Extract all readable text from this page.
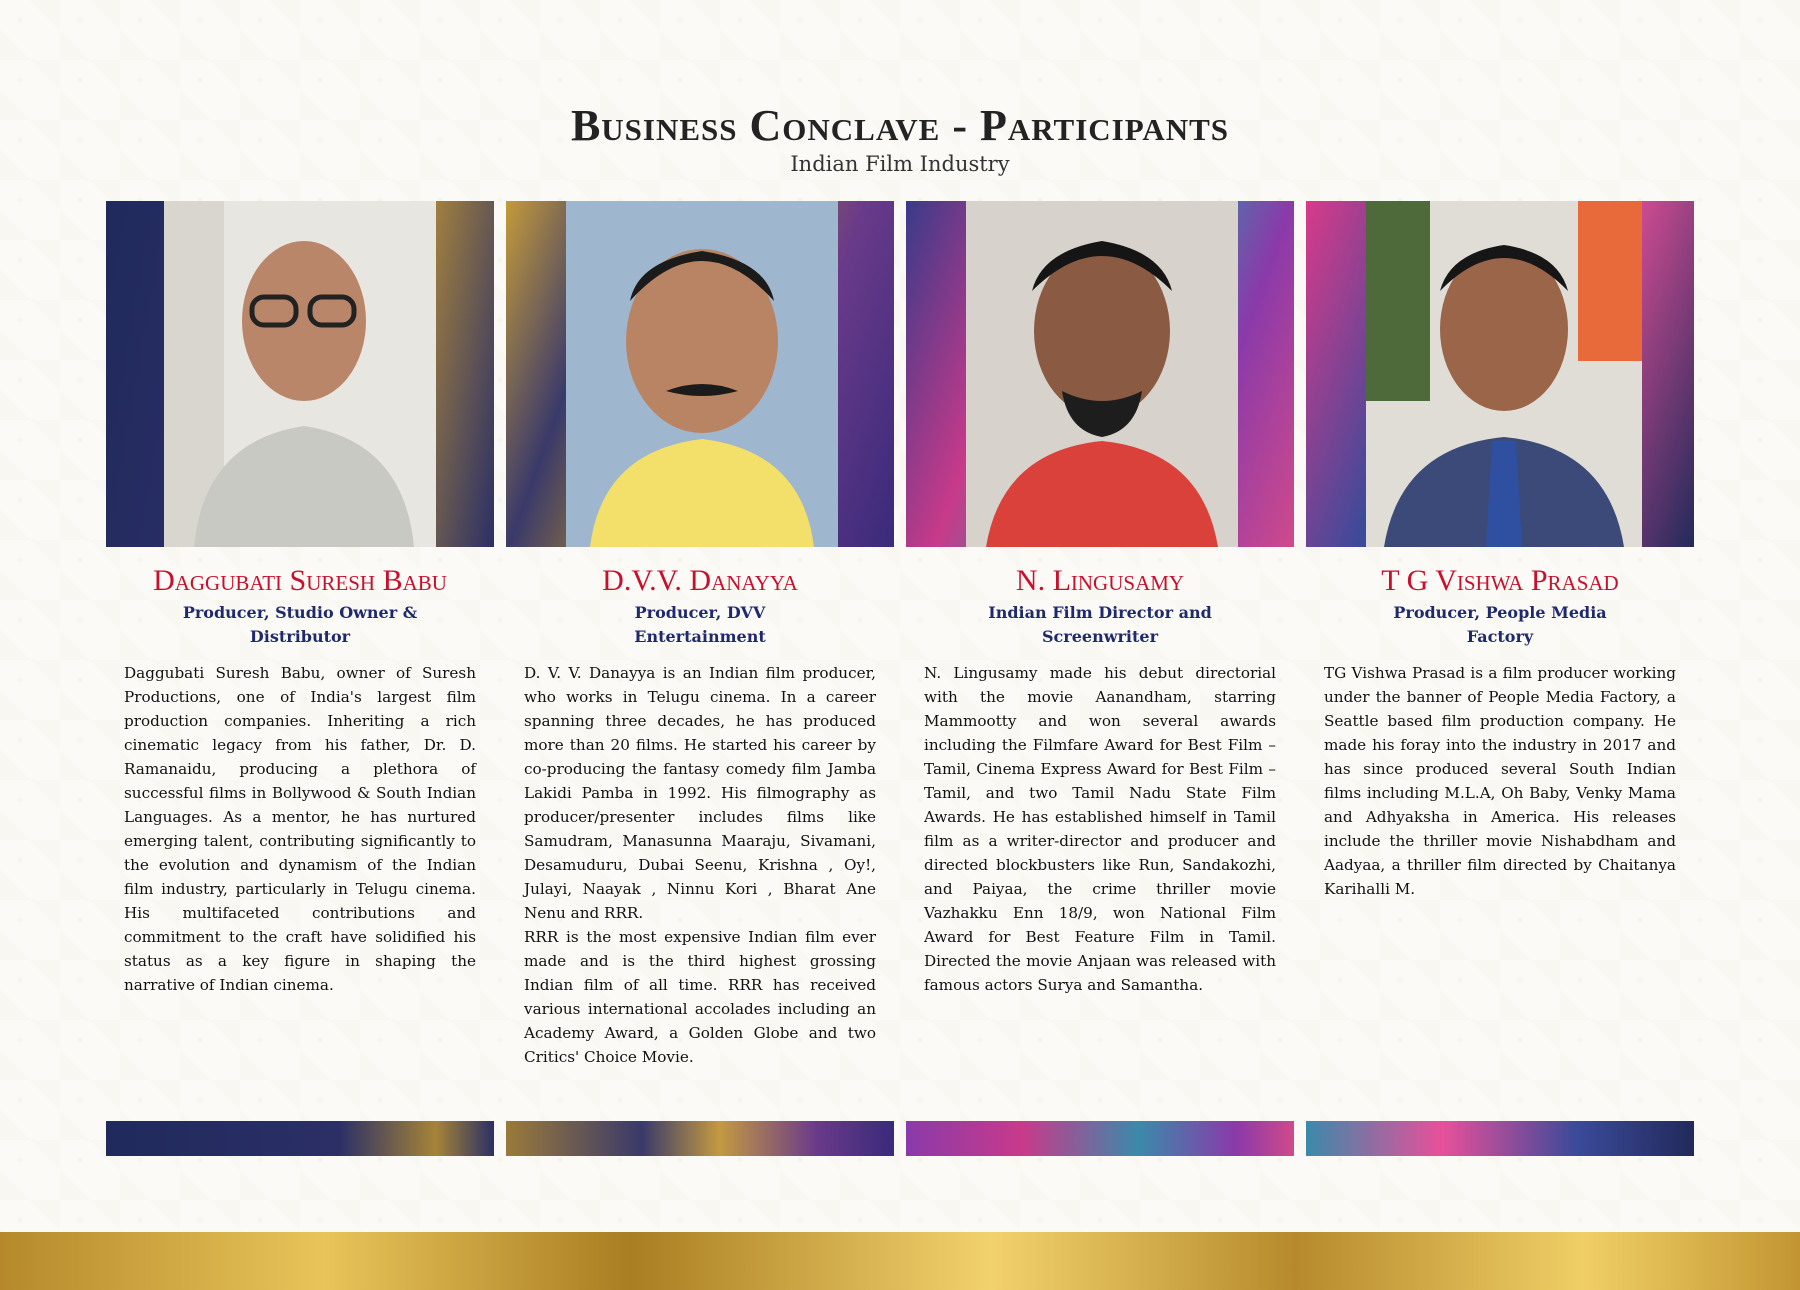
Business Conclave - Participants
Indian Film Industry
Daggubati Suresh Babu
Producer, Studio Owner & Distributor
Daggubati Suresh Babu, owner of Suresh Productions, one of India's largest film production companies. Inheriting a rich cinematic legacy from his father, Dr. D. Ramanaidu, producing a plethora of successful films in Bollywood & South Indian Languages. As a mentor, he has nurtured emerging talent, contributing significantly to the evolution and dynamism of the Indian film industry, particularly in Telugu cinema. His multifaceted contributions and commitment to the craft have solidified his status as a key figure in shaping the narrative of Indian cinema.
D.V.V. Danayya
Producer, DVV Entertainment
D. V. V. Danayya is an Indian film producer, who works in Telugu cinema. In a career spanning three decades, he has produced more than 20 films. He started his career by co-producing the fantasy comedy film Jamba Lakidi Pamba in 1992. His filmography as producer/presenter includes films like Samudram, Manasunna Maaraju, Sivamani, Desamuduru, Dubai Seenu, Krishna , Oy!, Julayi, Naayak , Ninnu Kori , Bharat Ane Nenu and RRR.
RRR is the most expensive Indian film ever made and is the third highest grossing Indian film of all time. RRR has received various international accolades including an Academy Award, a Golden Globe and two Critics' Choice Movie.
N. Lingusamy
Indian Film Director and Screenwriter
N. Lingusamy made his debut directorial with the movie Aanandham, starring Mammootty and won several awards including the Filmfare Award for Best Film – Tamil, Cinema Express Award for Best Film – Tamil, and two Tamil Nadu State Film Awards. He has established himself in Tamil film as a writer-director and producer and directed blockbusters like Run, Sandakozhi, and Paiyaa, the crime thriller movie Vazhakku Enn 18/9, won National Film Award for Best Feature Film in Tamil. Directed the movie Anjaan was released with famous actors Surya and Samantha.
T G Vishwa Prasad
Producer, People Media Factory
TG Vishwa Prasad is a film producer working under the banner of People Media Factory, a Seattle based film production company. He made his foray into the industry in 2017 and has since produced several South Indian films including M.L.A, Oh Baby, Venky Mama and Adhyaksha in America. His releases include the thriller movie Nishabdham and Aadyaa, a thriller film directed by Chaitanya Karihalli M.
